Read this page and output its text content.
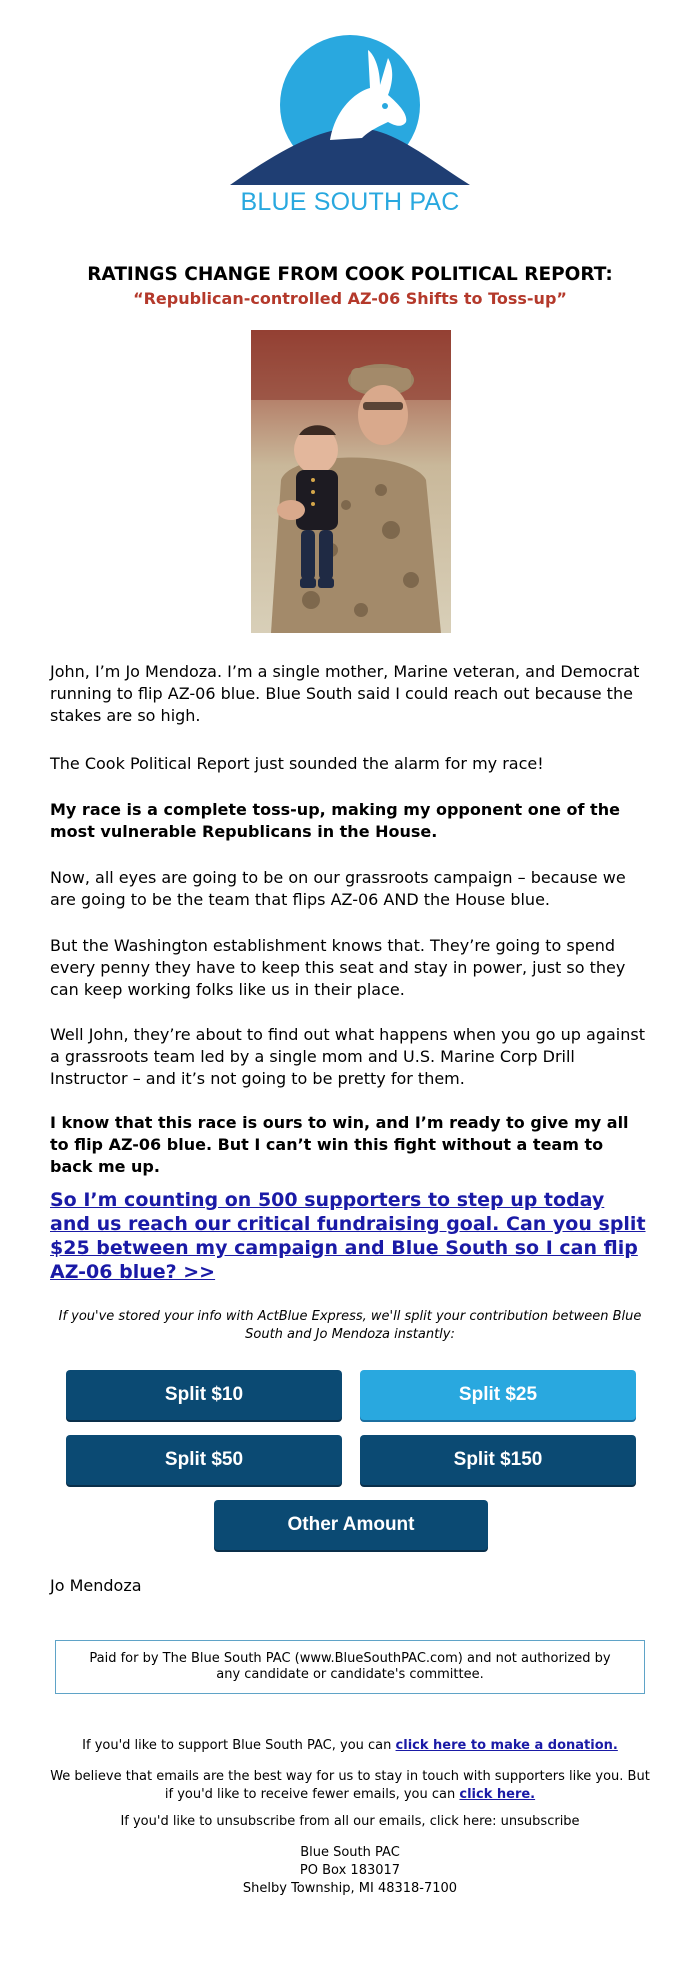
BLUE SOUTH PAC
RATINGS CHANGE FROM COOK POLITICAL REPORT:
“Republican-controlled AZ-06 Shifts to Toss-up”
John, I’m Jo Mendoza. I’m a single mother, Marine veteran, and Democrat running to flip AZ-06 blue. Blue South said I could reach out because the stakes are so high.
The Cook Political Report just sounded the alarm for my race!
My race is a complete toss-up, making my opponent one of the most vulnerable Republicans in the House.
Now, all eyes are going to be on our grassroots campaign – because we are going to be the team that flips AZ-06 AND the House blue.
But the Washington establishment knows that. They’re going to spend every penny they have to keep this seat and stay in power, just so they can keep working folks like us in their place.
Well John, they’re about to find out what happens when you go up against a grassroots team led by a single mom and U.S. Marine Corp Drill Instructor – and it’s not going to be pretty for them.
I know that this race is ours to win, and I’m ready to give my all to flip AZ-06 blue. But I can’t win this fight without a team to back me up.
So I’m counting on 500 supporters to step up today and us reach our critical fundraising goal. Can you split $25 between my campaign and Blue South so I can flip AZ-06 blue? >>
If you've stored your info with ActBlue Express, we'll split your contribution between Blue South and Jo Mendoza instantly:
Split $10	Split $25
Split $50	Split $150
Other Amount
Jo Mendoza
Paid for by The Blue South PAC (www.BlueSouthPAC.com) and not authorized by any candidate or candidate's committee.
If you'd like to support Blue South PAC, you can click here to make a donation.
We believe that emails are the best way for us to stay in touch with supporters like you. But if you'd like to receive fewer emails, you can click here.
If you'd like to unsubscribe from all our emails, click here: unsubscribe
Blue South PAC
PO Box 183017
Shelby Township, MI 48318-7100
